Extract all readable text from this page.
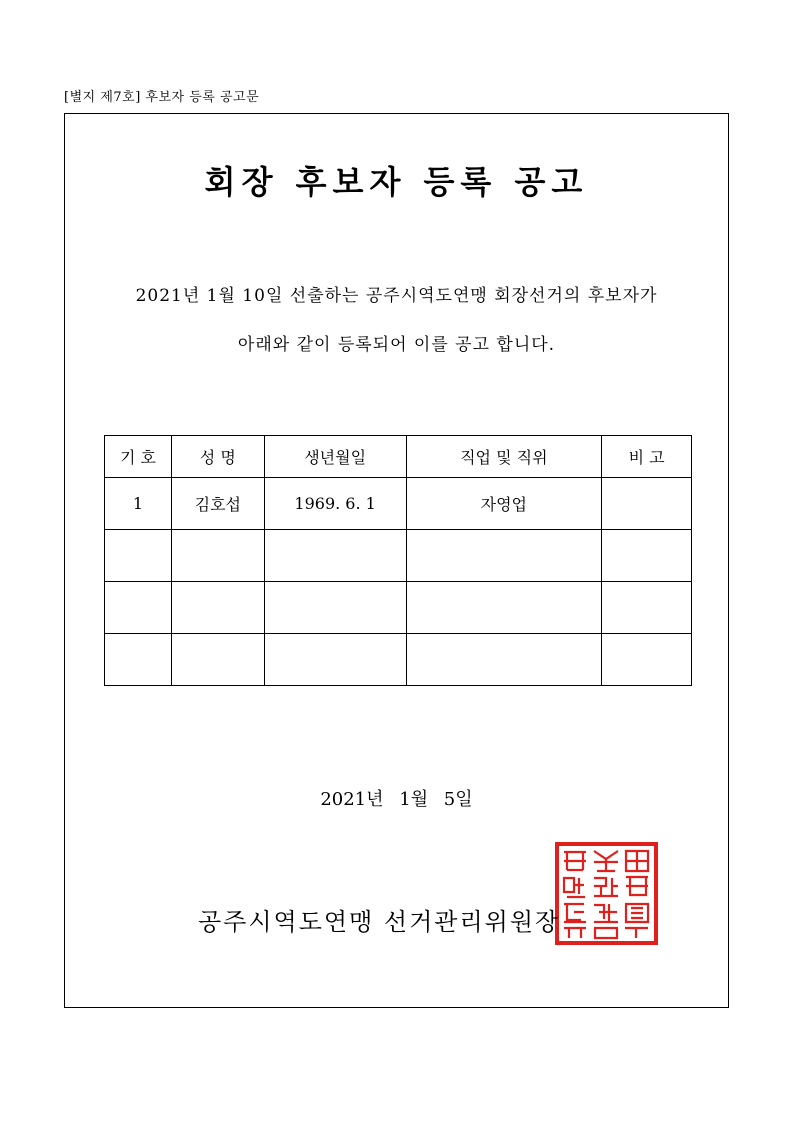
[별지 제7호] 후보자 등록 공고문
회장 후보자 등록 공고
2021년 1월 10일 선출하는 공주시역도연맹 회장선거의 후보자가
아래와 같이 등록되어 이를 공고 합니다.
기 호	성 명	생년월일	직업 및 직위	비 고
1	김호섭	1969. 6. 1	자영업	

2021년 1월 5일
공주시역도연맹 선거관리위원장
